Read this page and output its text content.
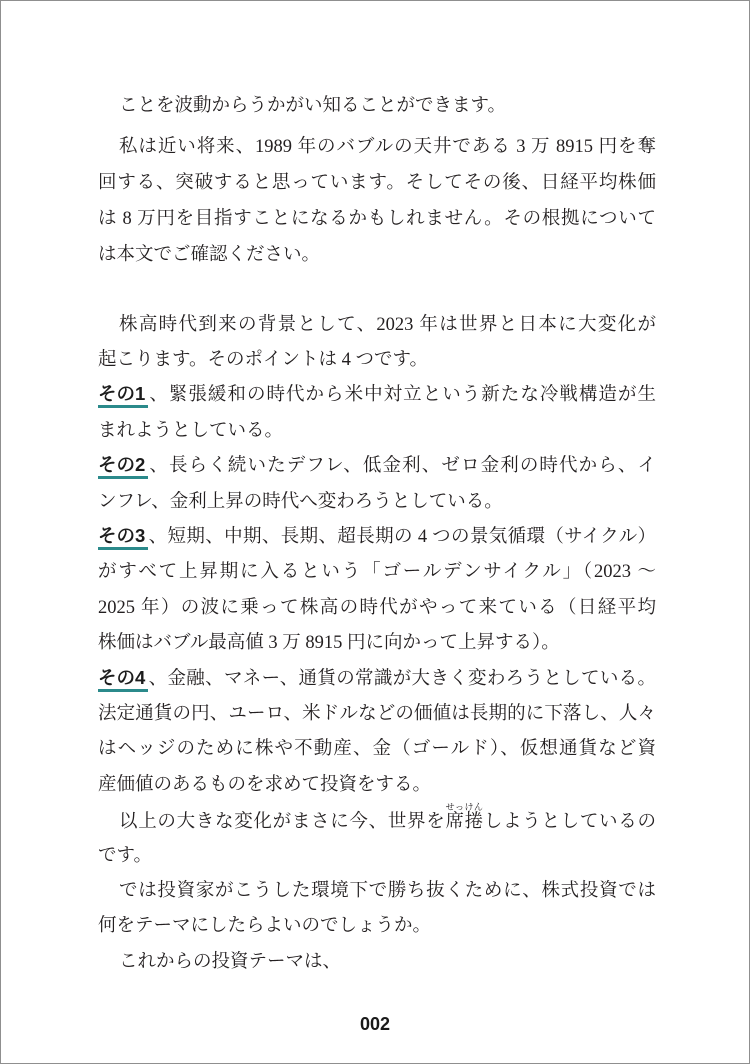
ことを波動からうかがい知ることができます。
私は近い将来、1989 年のバブルの天井である 3 万 8915 円を奪
回する、突破すると思っています。そしてその後、日経平均株価
は 8 万円を目指すことになるかもしれません。その根拠について
は本文でご確認ください。
株高時代到来の背景として、2023 年は世界と日本に大変化が
起こります。そのポイントは 4 つです。
その1 、緊張緩和の時代から米中対立という新たな冷戦構造が生
まれようとしている。
その2 、長らく続いたデフレ、低金利、ゼロ金利の時代から、イ
ンフレ、金利上昇の時代へ変わろうとしている。
その3 、短期、中期、長期、超長期の 4 つの景気循環（サイクル）
がすべて上昇期に入るという「ゴールデンサイクル」（2023 〜
2025 年）の波に乗って株高の時代がやって来ている（日経平均
株価はバブル最高値 3 万 8915 円に向かって上昇する）。
その4 、金融、マネー、通貨の常識が大きく変わろうとしている。
法定通貨の円、ユーロ、米ドルなどの価値は長期的に下落し、人々
はヘッジのために株や不動産、金（ゴールド）、仮想通貨など資
産価値のあるものを求めて投資をする。
以上の大きな変化がまさに今、世界を席捲せっけんしようとしているの
です。
では投資家がこうした環境下で勝ち抜くために、株式投資では
何をテーマにしたらよいのでしょうか。
これからの投資テーマは、
002
